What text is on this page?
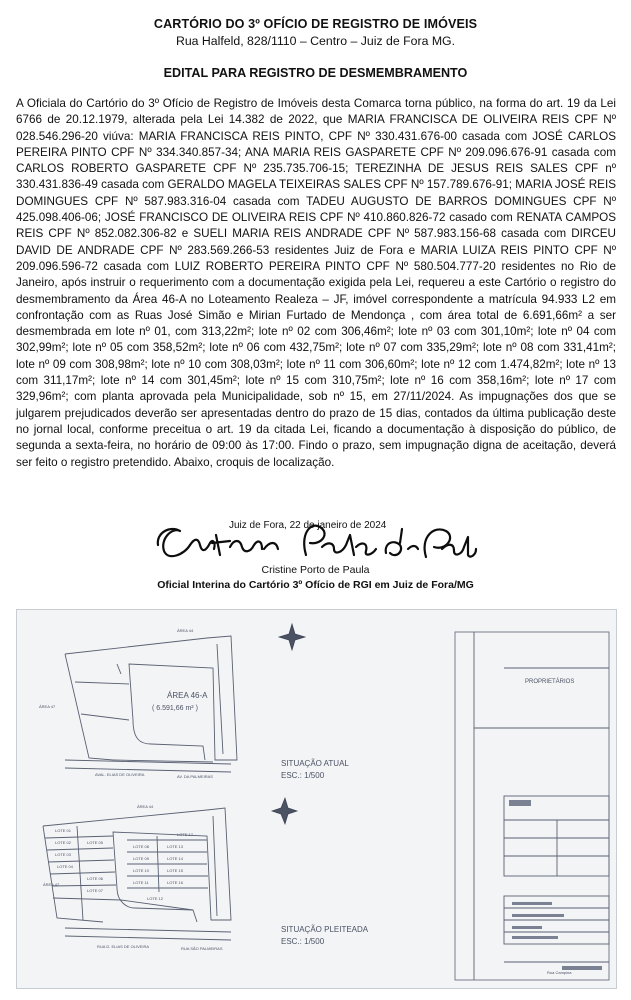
CARTÓRIO DO 3º OFÍCIO DE REGISTRO DE IMÓVEIS
Rua Halfeld, 828/1110 – Centro – Juiz de Fora MG.
EDITAL PARA REGISTRO DE DESMEMBRAMENTO
A Oficiala do Cartório do 3º Ofício de Registro de Imóveis desta Comarca torna público, na forma do art. 19 da Lei 6766 de 20.12.1979, alterada pela Lei 14.382 de 2022, que MARIA FRANCISCA DE OLIVEIRA REIS CPF Nº 028.546.296-20 viúva: MARIA FRANCISCA REIS PINTO, CPF Nº 330.431.676-00 casada com JOSÉ CARLOS PEREIRA PINTO CPF Nº 334.340.857-34; ANA MARIA REIS GASPARETE CPF Nº 209.096.676-91 casada com CARLOS ROBERTO GASPARETE CPF Nº 235.735.706-15; TEREZINHA DE JESUS REIS SALES CPF nº 330.431.836-49 casada com GERALDO MAGELA TEIXEIRAS SALES CPF Nº 157.789.676-91; MARIA JOSÉ REIS DOMINGUES CPF Nº 587.983.316-04 casada com TADEU AUGUSTO DE BARROS DOMINGUES CPF Nº 425.098.406-06; JOSÉ FRANCISCO DE OLIVEIRA REIS CPF Nº 410.860.826-72 casado com RENATA CAMPOS REIS CPF Nº 852.082.306-82 e SUELI MARIA REIS ANDRADE CPF Nº 587.983.156-68 casada com DIRCEU DAVID DE ANDRADE CPF Nº 283.569.266-53 residentes Juiz de Fora e MARIA LUIZA REIS PINTO CPF Nº 209.096.596-72 casada com LUIZ ROBERTO PEREIRA PINTO CPF Nº 580.504.777-20 residentes no Rio de Janeiro, após instruir o requerimento com a documentação exigida pela Lei, requereu a este Cartório o registro do desmembramento da Área 46-A no Loteamento Realeza – JF, imóvel correspondente a matrícula 94.933 L2 em confrontação com as Ruas José Simão e Mirian Furtado de Mendonça , com área total de 6.691,66m² a ser desmembrada em lote nº 01, com 313,22m²; lote nº 02 com 306,46m²; lote nº 03 com 301,10m²; lote nº 04 com 302,99m²; lote nº 05 com 358,52m²; lote nº 06 com 432,75m²; lote nº 07 com 335,29m²; lote nº 08 com 331,41m²; lote nº 09 com 308,98m²; lote nº 10 com 308,03m²; lote nº 11 com 306,60m²; lote nº 12 com 1.474,82m²; lote nº 13 com 311,17m²; lote nº 14 com 301,45m²; lote nº 15 com 310,75m²; lote nº 16 com 358,16m²; lote nº 17 com 329,96m²; com planta aprovada pela Municipalidade, sob nº 15, em 27/11/2024. As impugnações dos que se julgarem prejudicados deverão ser apresentadas dentro do prazo de 15 dias, contados da última publicação deste no jornal local, conforme preceitua o art. 19 da citada Lei, ficando a documentação à disposição do público, de segunda a sexta-feira, no horário de 09:00 às 17:00. Findo o prazo, sem impugnação digna de aceitação, deverá ser feito o registro pretendido. Abaixo, croquis de localização.
Juiz de Fora, 22 de janeiro de 2024
Cristine Porto de Paula
Oficial Interina do Cartório 3º Ofício de RGI em Juiz de Fora/MG
ÁREA 46-A
( 6.591,66 m² )
ÁREA 44
ÁREA 47
ÁREA 44
ÁREA 47
AVAL. ELIAS DE OLIVEIRA	AV. DA PALMEIRAS
RUA D. ELIAS DE OLIVEIRA	RUA SÃO PALMEIRAS
Rua Campina
SITUAÇÃO ATUAL
ESC.: 1/500
SITUAÇÃO PLEITEADA
ESC.: 1/500
PROPRIETÁRIOS
LOTE 12
LOTE 01
LOTE 02
LOTE 03
LOTE 04
LOTE 05
LOTE 06
LOTE 07
LOTE 08
LOTE 09
LOTE 10
LOTE 11
LOTE 13
LOTE 14
LOTE 15
LOTE 16
LOTE 17
